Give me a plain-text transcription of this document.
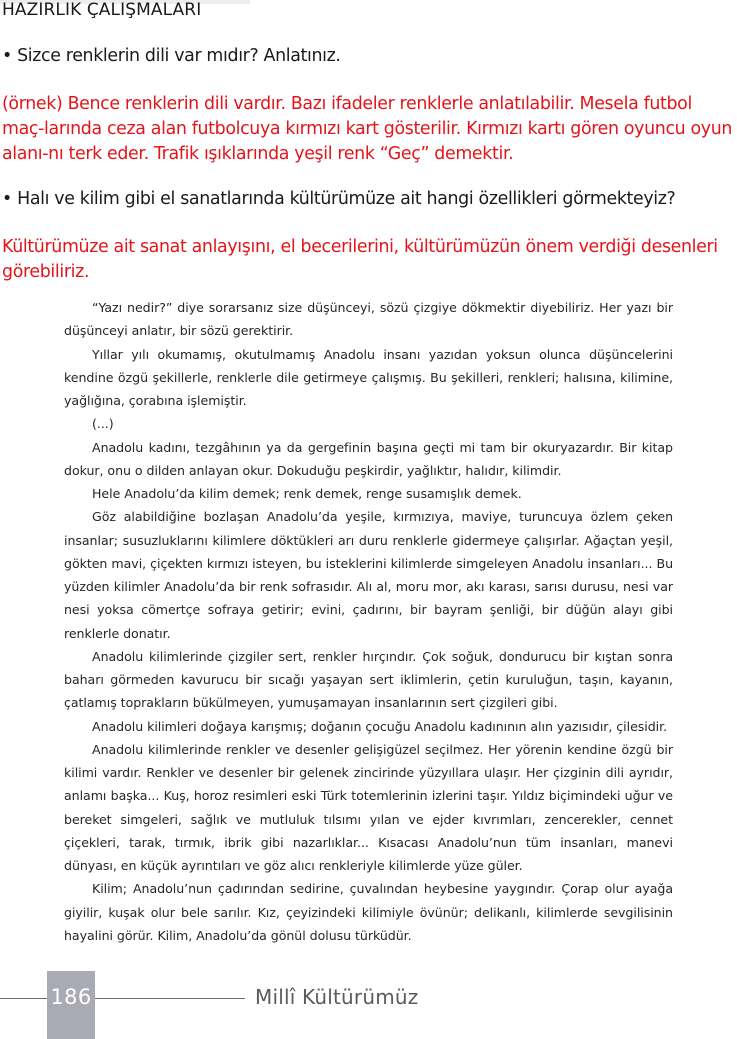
HAZIRLIK ÇALIŞMALARI
• Sizce renklerin dili var mıdır? Anlatınız.
(örnek) Bence renklerin dili vardır. Bazı ifadeler renklerle anlatılabilir. Mesela futbol maç-larında ceza alan futbolcuya kırmızı kart gösterilir. Kırmızı kartı gören oyuncu oyun alanı-nı terk eder. Trafik ışıklarında yeşil renk “Geç” demektir.
• Halı ve kilim gibi el sanatlarında kültürümüze ait hangi özellikleri görmekteyiz?
Kültürümüze ait sanat anlayışını, el becerilerini, kültürümüzün önem verdiği desenleri görebiliriz.

“Yazı nedir?” diye sorarsanız size düşünceyi, sözü çizgiye dökmektir diyebiliriz. Her yazı bir düşünceyi anlatır, bir sözü gerektirir.

Yıllar yılı okumamış, okutulmamış Anadolu insanı yazıdan yoksun olunca düşüncelerini kendine özgü şekillerle, renklerle dile getirmeye çalışmış. Bu şekilleri, renkleri; halısına, kilimine, yağlığına, çorabına işlemiştir.

(...)

Anadolu kadını, tezgâhının ya da gergefinin başına geçti mi tam bir okuryazardır. Bir kitap dokur, onu o dilden anlayan okur. Dokuduğu peşkirdir, yağlıktır, halıdır, kilimdir.

Hele Anadolu’da kilim demek; renk demek, renge susamışlık demek.

Göz alabildiğine bozlaşan Anadolu’da yeşile, kırmızıya, maviye, turuncuya özlem çeken insanlar; susuzluklarını kilimlere döktükleri arı duru renklerle gidermeye çalışırlar. Ağaçtan yeşil, gökten mavi, çiçekten kırmızı isteyen, bu isteklerini kilimlerde simgeleyen Anadolu insanları... Bu yüzden kilimler Anadolu’da bir renk sofrasıdır. Alı al, moru mor, akı karası, sarısı durusu, nesi var nesi yoksa cömertçe sofraya getirir; evini, çadırını, bir bayram şenliği, bir düğün alayı gibi renklerle donatır.

Anadolu kilimlerinde çizgiler sert, renkler hırçındır. Çok soğuk, dondurucu bir kıştan sonra baharı görmeden kavurucu bir sıcağı yaşayan sert iklimlerin, çetin kuruluğun, taşın, kayanın, çatlamış toprakların bükülmeyen, yumuşamayan insanlarının sert çizgileri gibi.

Anadolu kilimleri doğaya karışmış; doğanın çocuğu Anadolu kadınının alın yazısıdır, çilesidir.

Anadolu kilimlerinde renkler ve desenler gelişigüzel seçilmez. Her yörenin kendine özgü bir kilimi vardır. Renkler ve desenler bir gelenek zincirinde yüzyıllara ulaşır. Her çizginin dili ayrıdır, anlamı başka... Kuş, horoz resimleri eski Türk totemlerinin izlerini taşır. Yıldız biçimindeki uğur ve bereket simgeleri, sağlık ve mutluluk tılsımı yılan ve ejder kıvrımları, zencerekler, cennet çiçekleri, tarak, tırmık, ibrik gibi nazarlıklar... Kısacası Anadolu’nun tüm insanları, manevi dünyası, en küçük ayrıntıları ve göz alıcı renkleriyle kilimlerde yüze güler.

Kilim; Anadolu’nun çadırından sedirine, çuvalından heybesine yaygındır. Çorap olur ayağa giyilir, kuşak olur bele sarılır. Kız, çeyizindeki kilimiyle övünür; delikanlı, kilimlerde sevgilisinin hayalini görür. Kilim, Anadolu’da gönül dolusu türküdür.

186	Millî Kültürümüz
